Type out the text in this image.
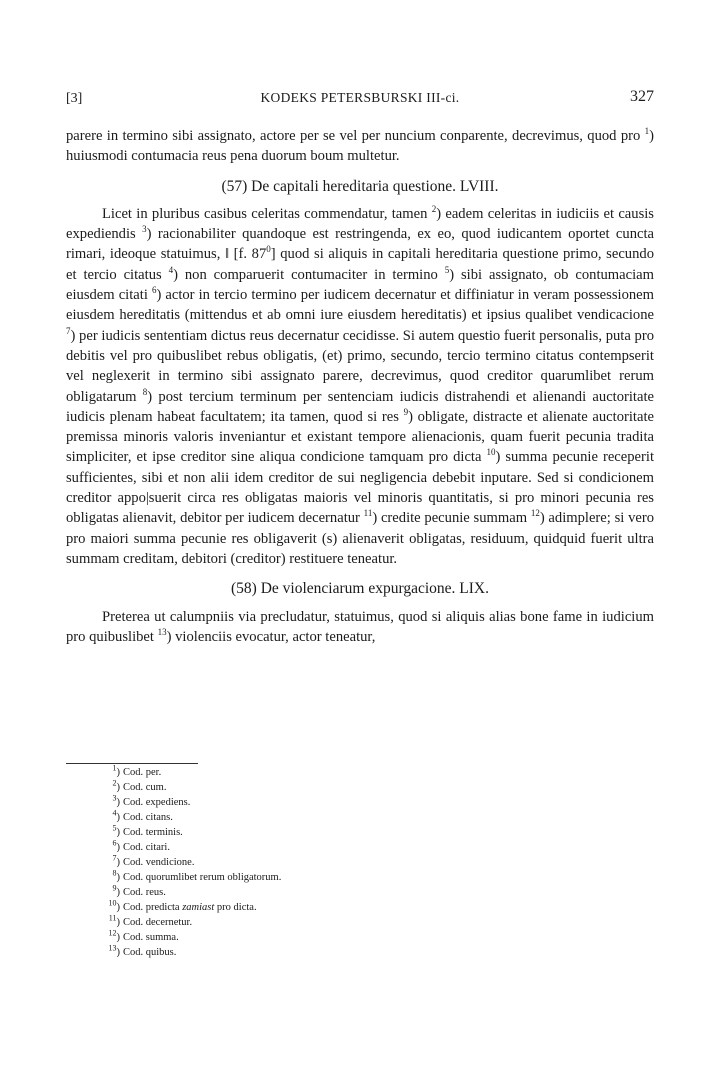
[3]	KODEKS PETERSBURSKI III-ci.	327

parere in termino sibi assignato, actore per se vel per nuncium conparente, decrevimus, quod pro $^1$) huiusmodi contumacia reus pena duorum boum multetur.

(57) De capitali hereditaria questione. LVIII.

Licet in pluribus casibus celeritas commendatur, tamen $^2$) eadem celeritas in iudiciis et causis expediendis $^3$) racionabiliter quandoque est restringenda, ex eo, quod iudicantem oportet cuncta rimari, ideoque statuimus, ‖ [f. $87^0$] quod si aliquis in capitali hereditaria questione primo, secundo et tercio citatus $^4$) non comparuerit contumaciter in termino $^5$) sibi assignato, ob contumaciam eiusdem citati $^6$) actor in tercio termino per iudicem decernatur et diffiniatur in veram possessionem eiusdem hereditatis (mittendus et ab omni iure eiusdem hereditatis) et ipsius qualibet vendicacione $^7$) per iudicis sententiam dictus reus decernatur cecidisse. Si autem questio fuerit personalis, puta pro debitis vel pro quibuslibet rebus obligatis, (et) primo, secundo, tercio termino citatus contempserit vel neglexerit in termino sibi assignato parere, decrevimus, quod creditor quarumlibet rerum obligatarum $^8$) post tercium terminum per sentenciam iudicis distrahendi et alienandi auctoritate iudicis plenam habeat facultatem; ita tamen, quod si res $^9$) obligate, distracte et alienate auctoritate premissa minoris valoris inveniantur et existant tempore alienacionis, quam fuerit pecunia tradita simpliciter, et ipse creditor sine aliqua condicione tamquam pro dicta $^{10}$) summa pecunie receperit sufficientes, sibi et non alii idem creditor de sui negligencia debebit inputare. Sed si condicionem creditor appo|suerit circa res obligatas maioris vel minoris quantitatis, si pro minori pecunia res obligatas alienavit, debitor per iudicem decernatur $^{11}$) credite pecunie summam $^{12}$) adimplere; si vero pro maiori summa pecunie res obligaverit (s) alienaverit obligatas, residuum, quidquid fuerit ultra summam creditam, debitori (creditor) restituere teneatur.

(58) De violenciarum expurgacione. LIX.

Preterea ut calumpniis via precludatur, statuimus, quod si aliquis alias bone fame in iudicium pro quibuslibet $^{13}$) violenciis evocatur, actor teneatur,

$^1$) Cod. per.
$^2$) Cod. cum.
$^3$) Cod. expediens.
$^4$) Cod. citans.
$^5$) Cod. terminis.
$^6$) Cod. citari.
$^7$) Cod. vendicione.
$^8$) Cod. quorumlibet rerum obligatorum.
$^9$) Cod. reus.
$^{10}$) Cod. predicta zamiast pro dicta.
$^{11}$) Cod. decernetur.
$^{12}$) Cod. summa.
$^{13}$) Cod. quibus.
